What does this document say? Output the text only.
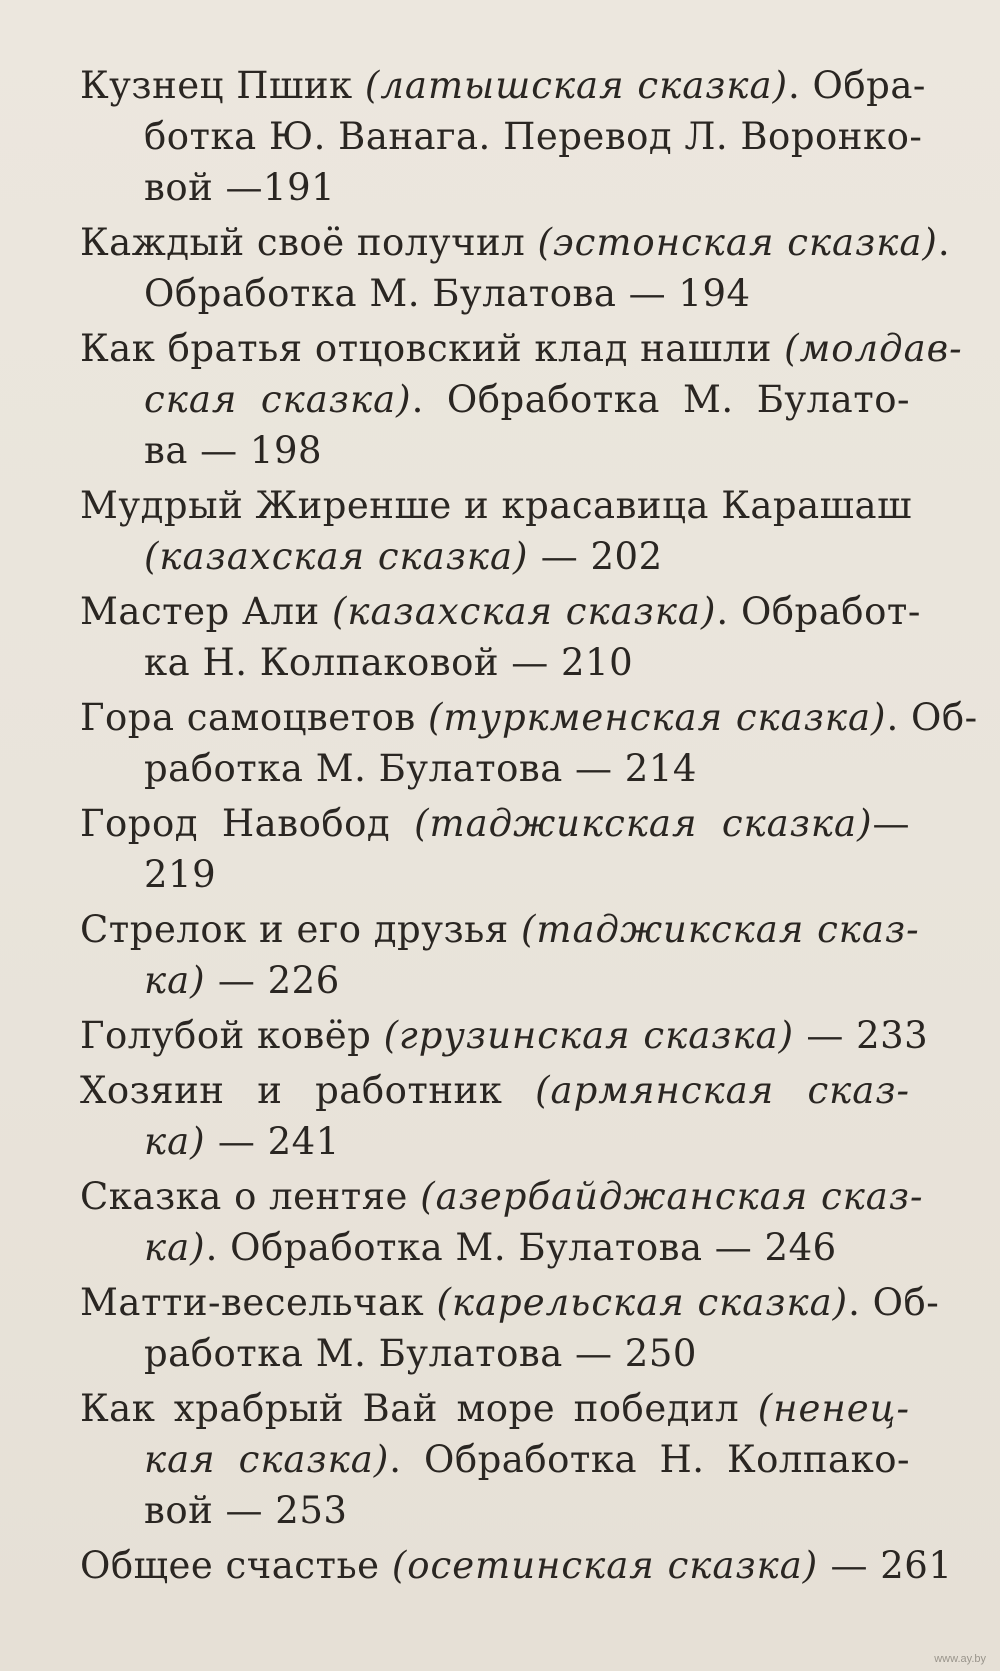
Кузнец Пшик (латышская сказка). Обра-
ботка Ю. Ванага. Перевод Л. Воронко-
вой —191
Каждый своё получил (эстонская сказка).
Обработка М. Булатова — 194
Как братья отцовский клад нашли (молдав-
ская сказка). Обработка М. Булато-
ва — 198
Мудрый Жиренше и красавица Карашаш
(казахская сказка) — 202
Мастер Али (казахская сказка). Обработ-
ка Н. Колпаковой — 210
Гора самоцветов (туркменская сказка). Об-
работка М. Булатова — 214
Город Навобод (таджикская сказка)—
219
Стрелок и его друзья (таджикская сказ-
ка) — 226
Голубой ковёр (грузинская сказка) — 233
Хозяин и работник (армянская сказ-
ка) — 241
Сказка о лентяе (азербайджанская сказ-
ка). Обработка М. Булатова — 246
Матти-весельчак (карельская сказка). Об-
работка М. Булатова — 250
Как храбрый Вай море победил (ненец-
кая сказка). Обработка Н. Колпако-
вой — 253
Общее счастье (осетинская сказка) — 261
www.ay.by
